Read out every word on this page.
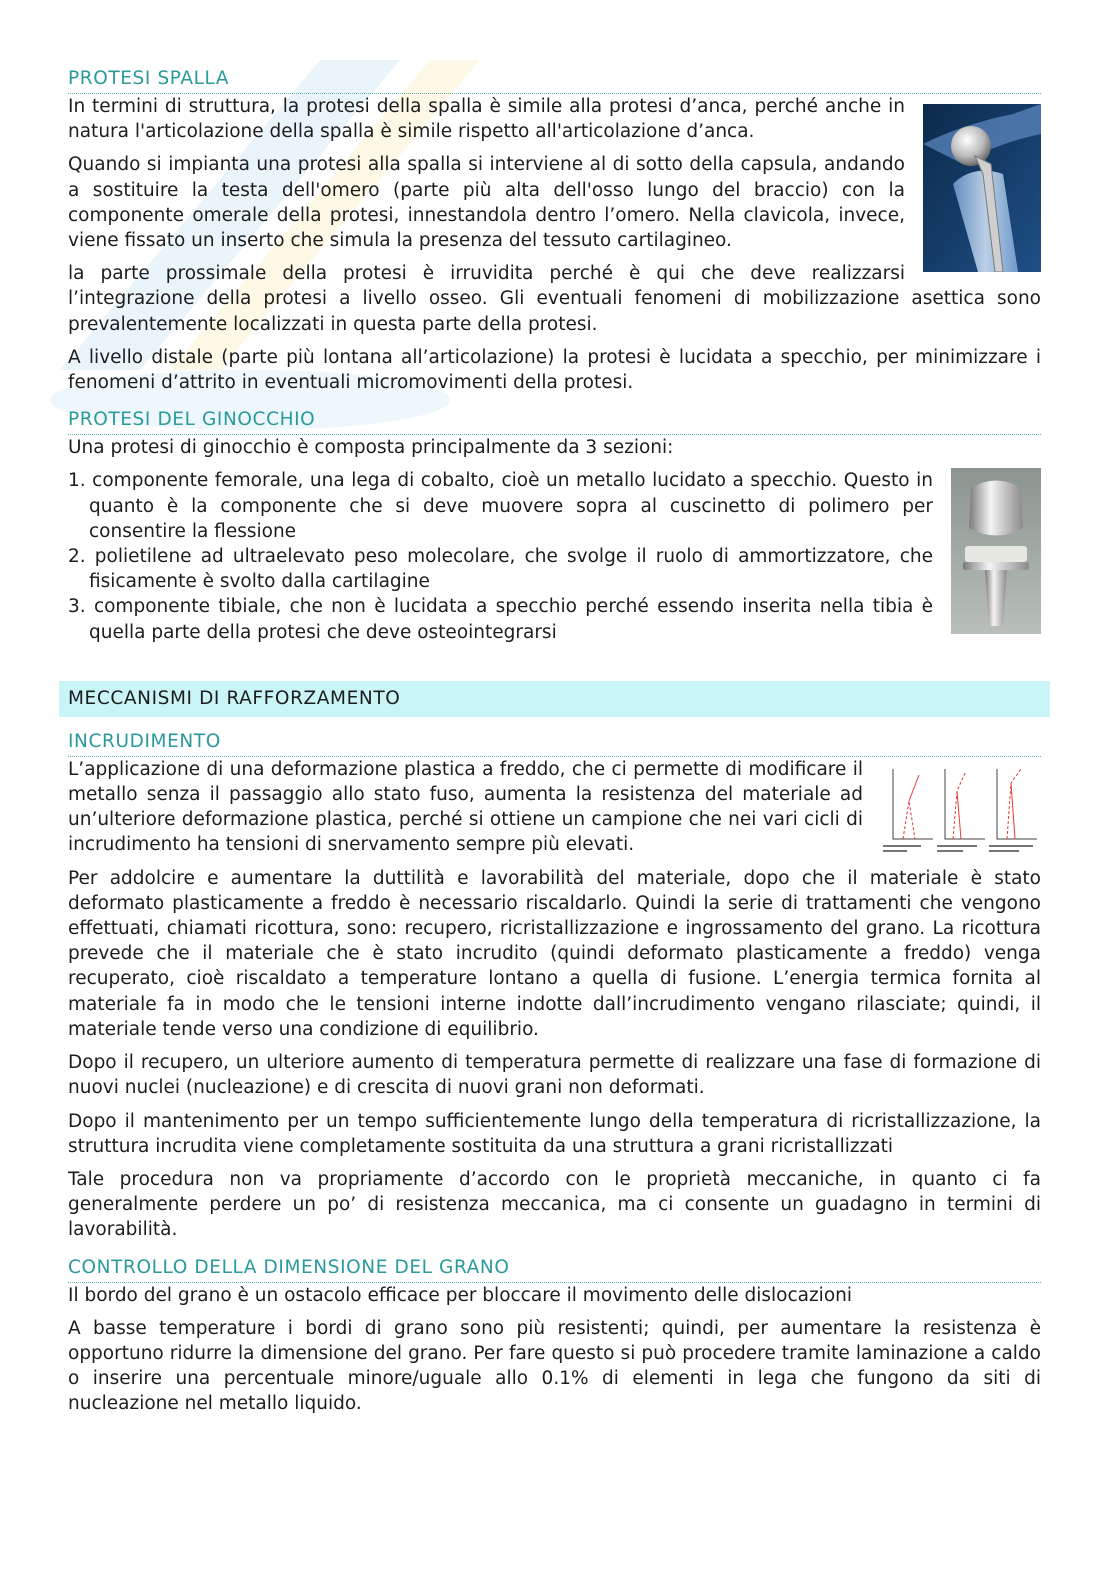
PROTESI SPALLA

In termini di struttura, la protesi della spalla è simile alla protesi d’anca, perché anche in natura l'articolazione della spalla è simile rispetto all'articolazione d’anca.

Quando si impianta una protesi alla spalla si interviene al di sotto della capsula, andando a sostituire la testa dell'omero (parte più alta dell'osso lungo del braccio) con la componente omerale della protesi, innestandola dentro l’omero. Nella clavicola, invece, viene fissato un inserto che simula la presenza del tessuto cartilagineo.

la parte prossimale della protesi è irruvidita perché è qui che deve realizzarsi l’integrazione della protesi a livello osseo. Gli eventuali fenomeni di mobilizzazione asettica sono prevalentemente localizzati in questa parte della protesi.

A livello distale (parte più lontana all’articolazione) la protesi è lucidata a specchio, per minimizzare i fenomeni d’attrito in eventuali micromovimenti della protesi.

PROTESI DEL GINOCCHIO

Una protesi di ginocchio è composta principalmente da 3 sezioni:

1. componente femorale, una lega di cobalto, cioè un metallo lucidato a specchio. Questo in quanto è la componente che si deve muovere sopra al cuscinetto di polimero per consentire la flessione
2. polietilene ad ultraelevato peso molecolare, che svolge il ruolo di ammortizzatore, che fisicamente è svolto dalla cartilagine
3. componente tibiale, che non è lucidata a specchio perché essendo inserita nella tibia è quella parte della protesi che deve osteointegrarsi
MECCANISMI DI RAFFORZAMENTO
INCRUDIMENTO

L’applicazione di una deformazione plastica a freddo, che ci permette di modificare il metallo senza il passaggio allo stato fuso, aumenta la resistenza del materiale ad un’ulteriore deformazione plastica, perché si ottiene un campione che nei vari cicli di incrudimento ha tensioni di snervamento sempre più elevati.

Per addolcire e aumentare la duttilità e lavorabilità del materiale, dopo che il materiale è stato deformato plasticamente a freddo è necessario riscaldarlo. Quindi la serie di trattamenti che vengono effettuati, chiamati ricottura, sono: recupero, ricristallizzazione e ingrossamento del grano. La ricottura prevede che il materiale che è stato incrudito (quindi deformato plasticamente a freddo) venga recuperato, cioè riscaldato a temperature lontano a quella di fusione. L’energia termica fornita al materiale fa in modo che le tensioni interne indotte dall’incrudimento vengano rilasciate; quindi, il materiale tende verso una condizione di equilibrio.

Dopo il recupero, un ulteriore aumento di temperatura permette di realizzare una fase di formazione di nuovi nuclei (nucleazione) e di crescita di nuovi grani non deformati.

Dopo il mantenimento per un tempo sufficientemente lungo della temperatura di ricristallizzazione, la struttura incrudita viene completamente sostituita da una struttura a grani ricristallizzati

Tale procedura non va propriamente d’accordo con le proprietà meccaniche, in quanto ci fa generalmente perdere un po’ di resistenza meccanica, ma ci consente un guadagno in termini di lavorabilità.

CONTROLLO DELLA DIMENSIONE DEL GRANO

Il bordo del grano è un ostacolo efficace per bloccare il movimento delle dislocazioni

A basse temperature i bordi di grano sono più resistenti; quindi, per aumentare la resistenza è opportuno ridurre la dimensione del grano. Per fare questo si può procedere tramite laminazione a caldo o inserire una percentuale minore/uguale allo 0.1% di elementi in lega che fungono da siti di nucleazione nel metallo liquido.
